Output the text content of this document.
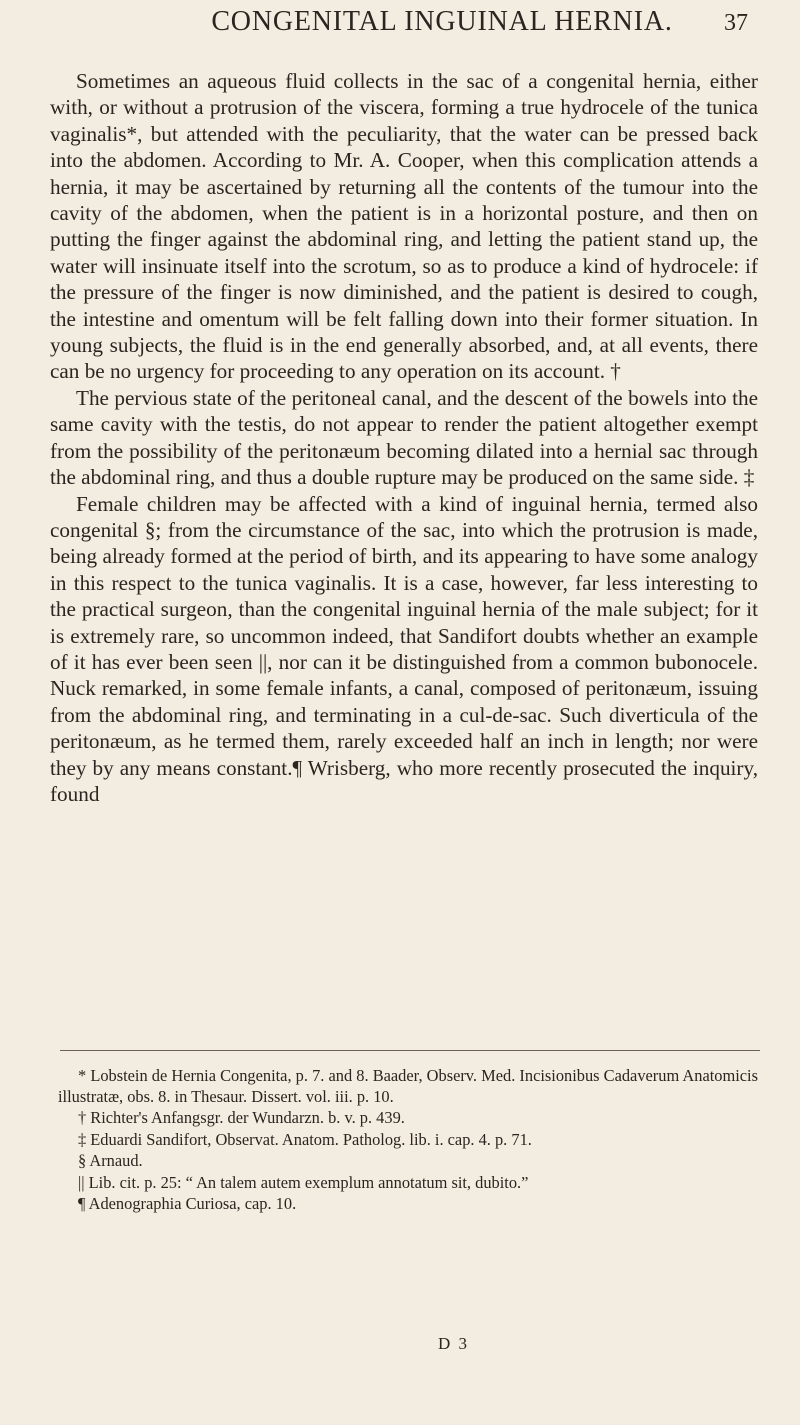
CONGENITAL INGUINAL HERNIA.	37

Sometimes an aqueous fluid collects in the sac of a congenital hernia, either with, or without a protrusion of the viscera, forming a true hydrocele of the tunica vaginalis*, but attended with the peculiarity, that the water can be pressed back into the abdomen. According to Mr. A. Cooper, when this complication attends a hernia, it may be ascertained by returning all the contents of the tumour into the cavity of the abdomen, when the patient is in a horizontal posture, and then on putting the finger against the abdominal ring, and letting the patient stand up, the water will insinuate itself into the scrotum, so as to produce a kind of hydrocele: if the pressure of the finger is now diminished, and the patient is desired to cough, the intestine and omentum will be felt falling down into their former situation. In young subjects, the fluid is in the end generally absorbed, and, at all events, there can be no urgency for proceeding to any operation on its account. †

The pervious state of the peritoneal canal, and the descent of the bowels into the same cavity with the testis, do not appear to render the patient altogether exempt from the possibility of the peritonæum becoming dilated into a hernial sac through the abdominal ring, and thus a double rupture may be produced on the same side. ‡

Female children may be affected with a kind of inguinal hernia, termed also congenital §; from the circumstance of the sac, into which the protrusion is made, being already formed at the period of birth, and its appearing to have some analogy in this respect to the tunica vaginalis. It is a case, however, far less interesting to the practical surgeon, than the congenital inguinal hernia of the male subject; for it is extremely rare, so uncommon indeed, that Sandifort doubts whether an example of it has ever been seen ||, nor can it be distinguished from a common bubonocele. Nuck remarked, in some female infants, a canal, composed of peritonæum, issuing from the abdominal ring, and terminating in a cul-de-sac. Such diverticula of the peritonæum, as he termed them, rarely exceeded half an inch in length; nor were they by any means constant.¶ Wrisberg, who more recently prosecuted the inquiry, found

* Lobstein de Hernia Congenita, p. 7. and 8. Baader, Observ. Med. Incisionibus Cadaverum Anatomicis illustratæ, obs. 8. in Thesaur. Dissert. vol. iii. p. 10.

† Richter's Anfangsgr. der Wundarzn. b. v. p. 439.

‡ Eduardi Sandifort, Observat. Anatom. Patholog. lib. i. cap. 4. p. 71.

§ Arnaud.

|| Lib. cit. p. 25: “ An talem autem exemplum annotatum sit, dubito.”

¶ Adenographia Curiosa, cap. 10.

D 3
